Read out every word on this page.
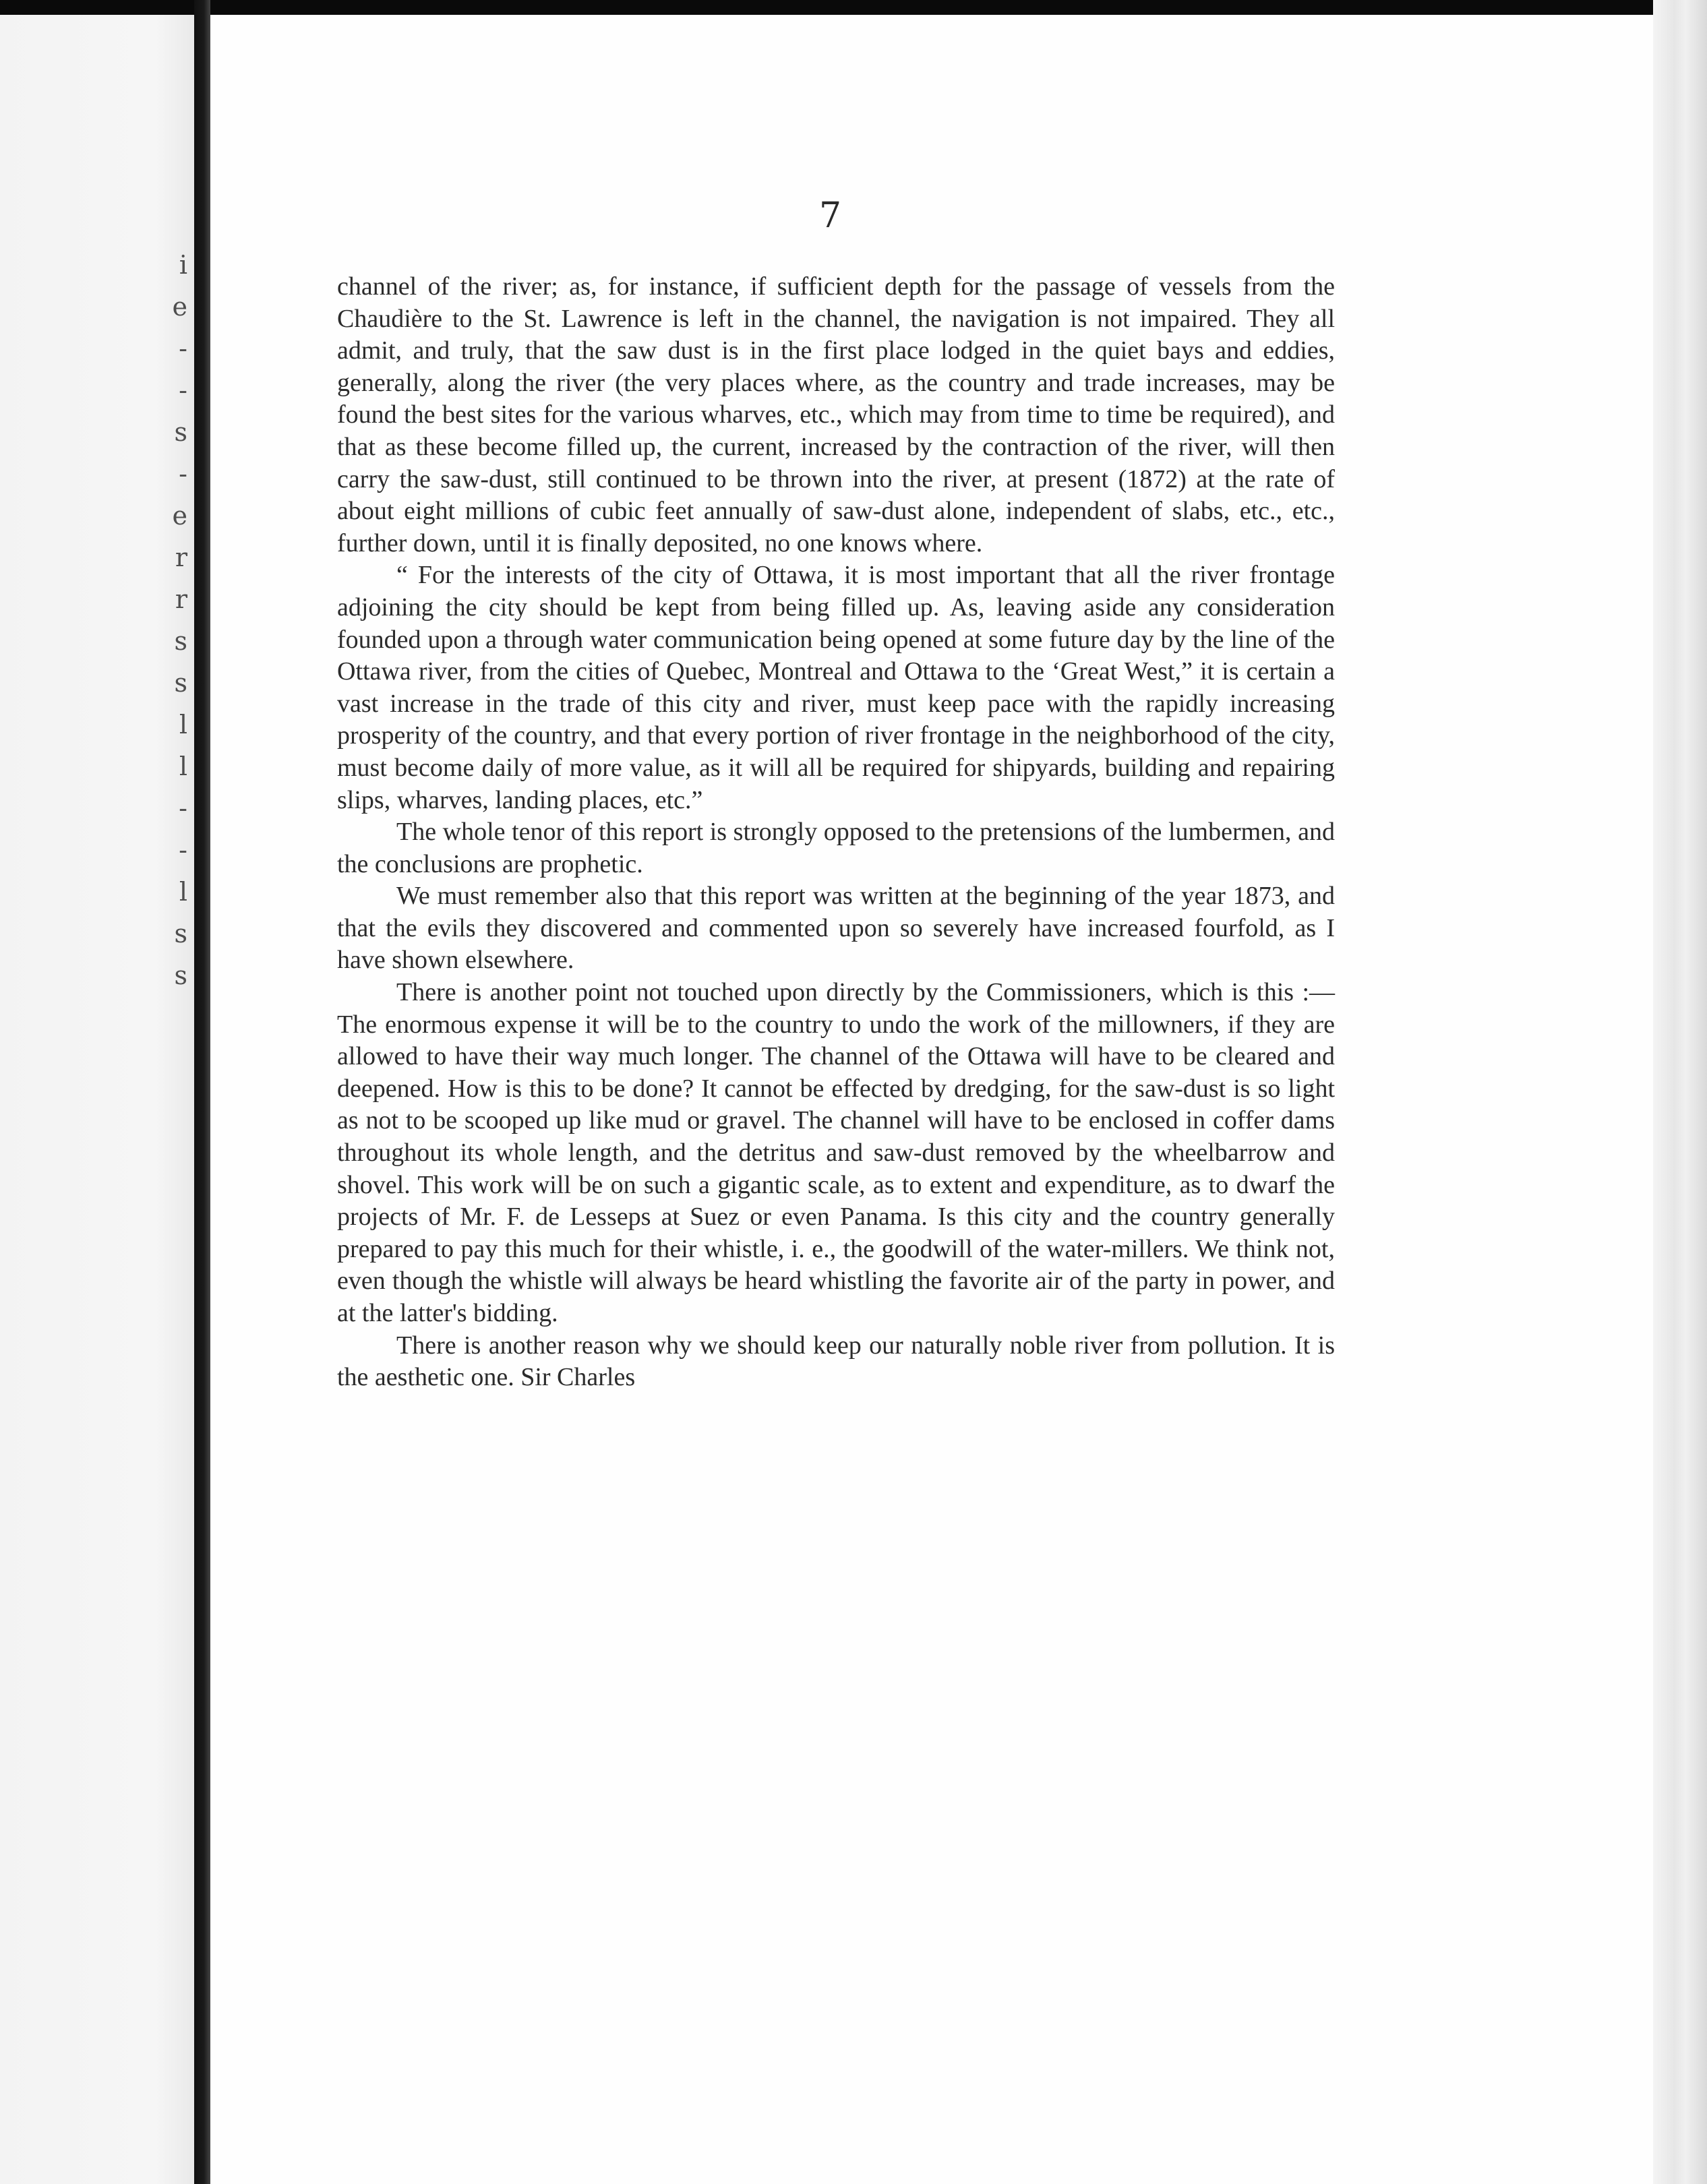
i
e
-
-
s
-
e
r
r
s
s
l
l
-
-
l
s
s
7

channel of the river; as, for instance, if sufficient depth for the passage of vessels from the Chaudière to the St. Lawrence is left in the channel, the navigation is not impaired. They all admit, and truly, that the saw dust is in the first place lodged in the quiet bays and eddies, generally, along the river (the very places where, as the country and trade increases, may be found the best sites for the various wharves, etc., which may from time to time be required), and that as these become filled up, the current, increased by the contraction of the river, will then carry the saw-dust, still continued to be thrown into the river, at present (1872) at the rate of about eight millions of cubic feet annually of saw-dust alone, independent of slabs, etc., etc., further down, until it is finally deposited, no one knows where.

“ For the interests of the city of Ottawa, it is most important that all the river frontage adjoining the city should be kept from being filled up. As, leaving aside any consideration founded upon a through water communication being opened at some future day by the line of the Ottawa river, from the cities of Quebec, Montreal and Ottawa to the ‘Great West,” it is certain a vast increase in the trade of this city and river, must keep pace with the rapidly increasing prosperity of the country, and that every portion of river frontage in the neighborhood of the city, must become daily of more value, as it will all be required for shipyards, building and repairing slips, wharves, landing places, etc.”

The whole tenor of this report is strongly opposed to the pretensions of the lumbermen, and the conclusions are prophetic.

We must remember also that this report was written at the beginning of the year 1873, and that the evils they discovered and commented upon so severely have increased fourfold, as I have shown elsewhere.

There is another point not touched upon directly by the Commissioners, which is this :—The enormous expense it will be to the country to undo the work of the millowners, if they are allowed to have their way much longer. The channel of the Ottawa will have to be cleared and deepened. How is this to be done? It cannot be effected by dredging, for the saw-dust is so light as not to be scooped up like mud or gravel. The channel will have to be enclosed in coffer dams throughout its whole length, and the detritus and saw-dust removed by the wheelbarrow and shovel. This work will be on such a gigantic scale, as to extent and expenditure, as to dwarf the projects of Mr. F. de Lesseps at Suez or even Panama. Is this city and the country generally prepared to pay this much for their whistle, i. e., the goodwill of the water-millers. We think not, even though the whistle will always be heard whistling the favorite air of the party in power, and at the latter's bidding.

There is another reason why we should keep our naturally noble river from pollution. It is the aesthetic one. Sir Charles
